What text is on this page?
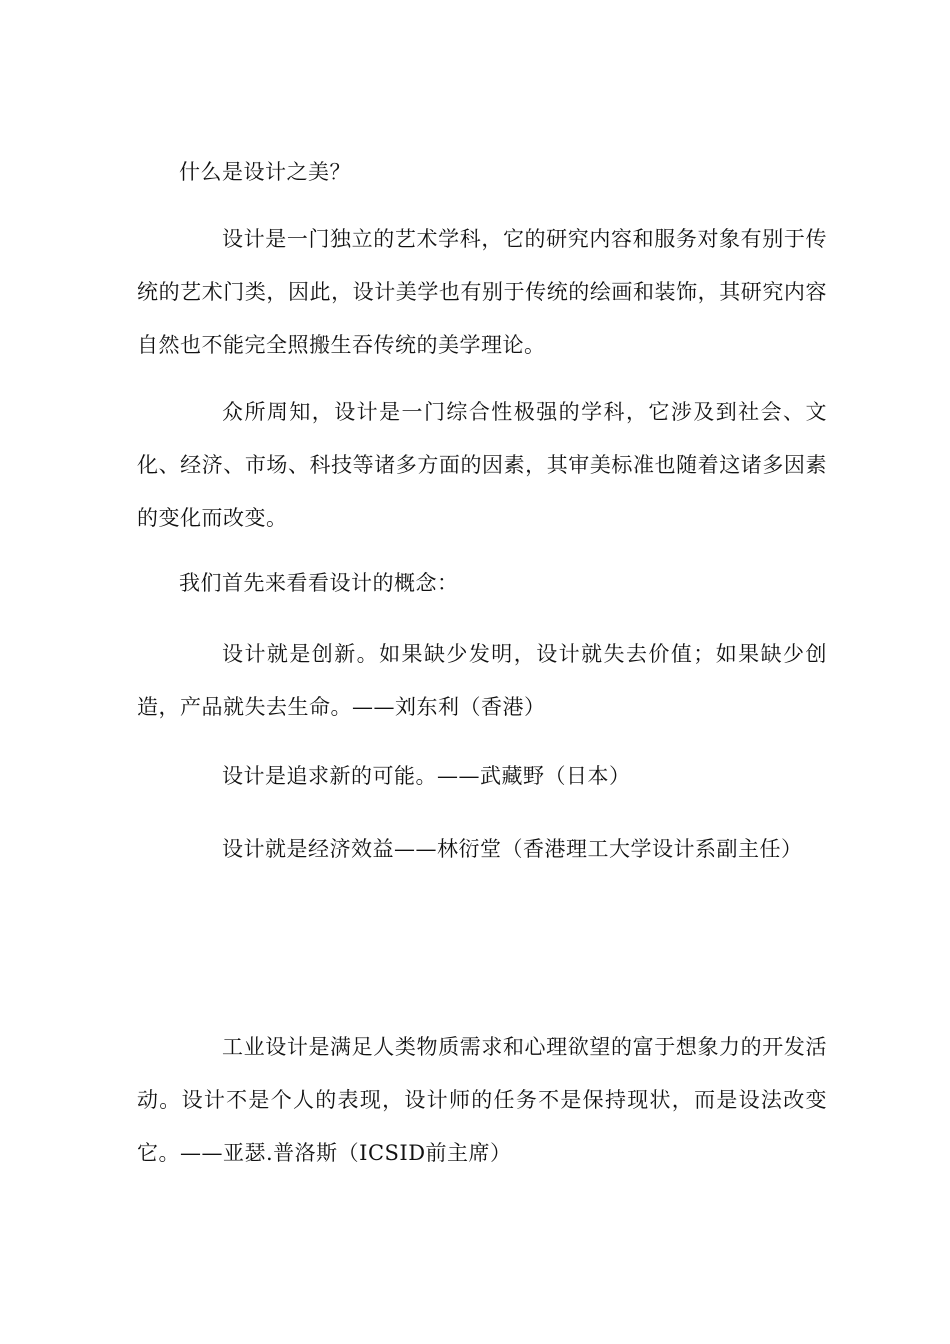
什么是设计之美？

设计是一门独立的艺术学科，它的研究内容和服务对象有别于传统的艺术门类，因此，设计美学也有别于传统的绘画和装饰，其研究内容自然也不能完全照搬生吞传统的美学理论。

众所周知，设计是一门综合性极强的学科，它涉及到社会、文化、经济、市场、科技等诸多方面的因素，其审美标准也随着这诸多因素的变化而改变。

我们首先来看看设计的概念：

设计就是创新。如果缺少发明，设计就失去价值；如果缺少创造，产品就失去生命。——刘东利（香港）

设计是追求新的可能。——武藏野（日本）

设计就是经济效益——林衍堂（香港理工大学设计系副主任）

工业设计是满足人类物质需求和心理欲望的富于想象力的开发活动。设计不是个人的表现，设计师的任务不是保持现状，而是设法改变它。——亚瑟.普洛斯（ICSID前主席）
